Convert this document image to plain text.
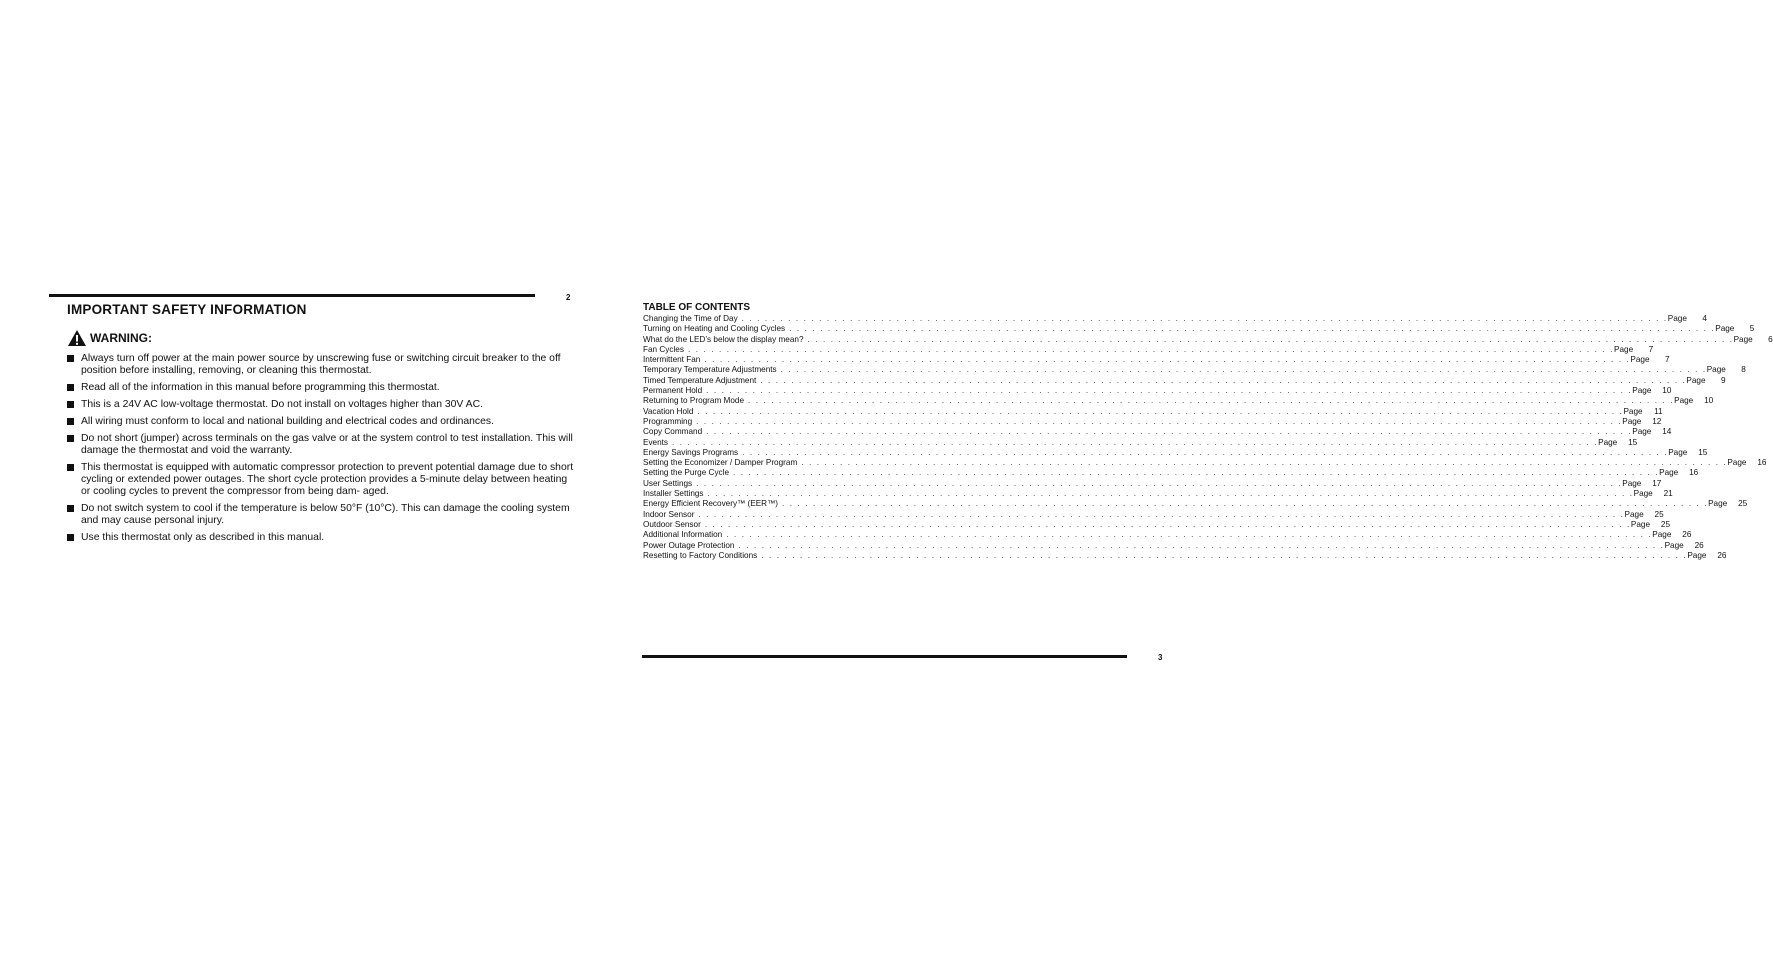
2
IMPORTANT SAFETY INFORMATION
WARNING:
Always turn off power at the main power source by unscrewing fuse or switching circuit breaker to the off position before installing, removing, or cleaning this thermostat.
Read all of the information in this manual before programming this thermostat.
This is a 24V AC low-voltage thermostat. Do not install on voltages higher than 30V AC.
All wiring must conform to local and national building and electrical codes and ordinances.
Do not short (jumper) across terminals on the gas valve or at the system control to test installation. This will damage the thermostat and void the warranty.
This thermostat is equipped with automatic compressor protection to prevent potential damage due to short cycling or extended power outages. The short cycle protection provides a 5-minute delay between heating or cooling cycles to prevent the compressor from being dam- aged.
Do not switch system to cool if the temperature is below 50°F (10°C). This can damage the cooling system and may cause personal injury.
Use this thermostat only as described in this manual.
TABLE OF CONTENTS
Changing the Time of Day . . . . . . . . . . . . . . . . . . . . . . . . . . . . . . . . . . . . . . . . . . . . . . . . . . . . . . . . . . . . . . . . . . . . . . . . . . . . . . . . . . . . . . . . . . . . . . . . . . . . . . . . . . . . . . . . . . . . . . . . Page	4
Turning on Heating and Cooling Cycles . . . . . . . . . . . . . . . . . . . . . . . . . . . . . . . . . . . . . . . . . . . . . . . . . . . . . . . . . . . . . . . . . . . . . . . . . . . . . . . . . . . . . . . . . . . . . . . . . . . . . . . . . . . . . . . . . . . . . . . . Page	5
What do the LED’s below the display mean? . . . . . . . . . . . . . . . . . . . . . . . . . . . . . . . . . . . . . . . . . . . . . . . . . . . . . . . . . . . . . . . . . . . . . . . . . . . . . . . . . . . . . . . . . . . . . . . . . . . . . . . . . . . . . . . . . . . . . . . . Page	6
Fan Cycles . . . . . . . . . . . . . . . . . . . . . . . . . . . . . . . . . . . . . . . . . . . . . . . . . . . . . . . . . . . . . . . . . . . . . . . . . . . . . . . . . . . . . . . . . . . . . . . . . . . . . . . . . . . . . . . . . . . . . . . . Page	7
Intermittent Fan . . . . . . . . . . . . . . . . . . . . . . . . . . . . . . . . . . . . . . . . . . . . . . . . . . . . . . . . . . . . . . . . . . . . . . . . . . . . . . . . . . . . . . . . . . . . . . . . . . . . . . . . . . . . . . . . . . . . . . . . Page	7
Temporary Temperature Adjustments . . . . . . . . . . . . . . . . . . . . . . . . . . . . . . . . . . . . . . . . . . . . . . . . . . . . . . . . . . . . . . . . . . . . . . . . . . . . . . . . . . . . . . . . . . . . . . . . . . . . . . . . . . . . . . . . . . . . . . . . Page	8
Timed Temperature Adjustment . . . . . . . . . . . . . . . . . . . . . . . . . . . . . . . . . . . . . . . . . . . . . . . . . . . . . . . . . . . . . . . . . . . . . . . . . . . . . . . . . . . . . . . . . . . . . . . . . . . . . . . . . . . . . . . . . . . . . . . . Page	9
Permanent Hold . . . . . . . . . . . . . . . . . . . . . . . . . . . . . . . . . . . . . . . . . . . . . . . . . . . . . . . . . . . . . . . . . . . . . . . . . . . . . . . . . . . . . . . . . . . . . . . . . . . . . . . . . . . . . . . . . . . . . . . . Page	10
Returning to Program Mode . . . . . . . . . . . . . . . . . . . . . . . . . . . . . . . . . . . . . . . . . . . . . . . . . . . . . . . . . . . . . . . . . . . . . . . . . . . . . . . . . . . . . . . . . . . . . . . . . . . . . . . . . . . . . . . . . . . . . . . . Page	10
Vacation Hold . . . . . . . . . . . . . . . . . . . . . . . . . . . . . . . . . . . . . . . . . . . . . . . . . . . . . . . . . . . . . . . . . . . . . . . . . . . . . . . . . . . . . . . . . . . . . . . . . . . . . . . . . . . . . . . . . . . . . . . . Page	11
Programming . . . . . . . . . . . . . . . . . . . . . . . . . . . . . . . . . . . . . . . . . . . . . . . . . . . . . . . . . . . . . . . . . . . . . . . . . . . . . . . . . . . . . . . . . . . . . . . . . . . . . . . . . . . . . . . . . . . . . . . . Page	12
Copy Command . . . . . . . . . . . . . . . . . . . . . . . . . . . . . . . . . . . . . . . . . . . . . . . . . . . . . . . . . . . . . . . . . . . . . . . . . . . . . . . . . . . . . . . . . . . . . . . . . . . . . . . . . . . . . . . . . . . . . . . . Page	14
Events . . . . . . . . . . . . . . . . . . . . . . . . . . . . . . . . . . . . . . . . . . . . . . . . . . . . . . . . . . . . . . . . . . . . . . . . . . . . . . . . . . . . . . . . . . . . . . . . . . . . . . . . . . . . . . . . . . . . . . . . Page	15
Energy Savings Programs . . . . . . . . . . . . . . . . . . . . . . . . . . . . . . . . . . . . . . . . . . . . . . . . . . . . . . . . . . . . . . . . . . . . . . . . . . . . . . . . . . . . . . . . . . . . . . . . . . . . . . . . . . . . . . . . . . . . . . . . Page	15
Setting the Economizer / Damper Program . . . . . . . . . . . . . . . . . . . . . . . . . . . . . . . . . . . . . . . . . . . . . . . . . . . . . . . . . . . . . . . . . . . . . . . . . . . . . . . . . . . . . . . . . . . . . . . . . . . . . . . . . . . . . . . . . . . . . . . . Page	16
Setting the Purge Cycle . . . . . . . . . . . . . . . . . . . . . . . . . . . . . . . . . . . . . . . . . . . . . . . . . . . . . . . . . . . . . . . . . . . . . . . . . . . . . . . . . . . . . . . . . . . . . . . . . . . . . . . . . . . . . . . . . . . . . . . . Page	16
User Settings . . . . . . . . . . . . . . . . . . . . . . . . . . . . . . . . . . . . . . . . . . . . . . . . . . . . . . . . . . . . . . . . . . . . . . . . . . . . . . . . . . . . . . . . . . . . . . . . . . . . . . . . . . . . . . . . . . . . . . . . Page	17
Installer Settings . . . . . . . . . . . . . . . . . . . . . . . . . . . . . . . . . . . . . . . . . . . . . . . . . . . . . . . . . . . . . . . . . . . . . . . . . . . . . . . . . . . . . . . . . . . . . . . . . . . . . . . . . . . . . . . . . . . . . . . . Page	21
Energy Efficient Recovery™ (EER™) . . . . . . . . . . . . . . . . . . . . . . . . . . . . . . . . . . . . . . . . . . . . . . . . . . . . . . . . . . . . . . . . . . . . . . . . . . . . . . . . . . . . . . . . . . . . . . . . . . . . . . . . . . . . . . . . . . . . . . . . Page	25
Indoor Sensor . . . . . . . . . . . . . . . . . . . . . . . . . . . . . . . . . . . . . . . . . . . . . . . . . . . . . . . . . . . . . . . . . . . . . . . . . . . . . . . . . . . . . . . . . . . . . . . . . . . . . . . . . . . . . . . . . . . . . . . . Page	25
Outdoor Sensor . . . . . . . . . . . . . . . . . . . . . . . . . . . . . . . . . . . . . . . . . . . . . . . . . . . . . . . . . . . . . . . . . . . . . . . . . . . . . . . . . . . . . . . . . . . . . . . . . . . . . . . . . . . . . . . . . . . . . . . . Page	25
Additional Information . . . . . . . . . . . . . . . . . . . . . . . . . . . . . . . . . . . . . . . . . . . . . . . . . . . . . . . . . . . . . . . . . . . . . . . . . . . . . . . . . . . . . . . . . . . . . . . . . . . . . . . . . . . . . . . . . . . . . . . . Page	26
Power Outage Protection . . . . . . . . . . . . . . . . . . . . . . . . . . . . . . . . . . . . . . . . . . . . . . . . . . . . . . . . . . . . . . . . . . . . . . . . . . . . . . . . . . . . . . . . . . . . . . . . . . . . . . . . . . . . . . . . . . . . . . . . Page	26
Resetting to Factory Conditions . . . . . . . . . . . . . . . . . . . . . . . . . . . . . . . . . . . . . . . . . . . . . . . . . . . . . . . . . . . . . . . . . . . . . . . . . . . . . . . . . . . . . . . . . . . . . . . . . . . . . . . . . . . . . . . . . . . . . . . . Page	26
3
